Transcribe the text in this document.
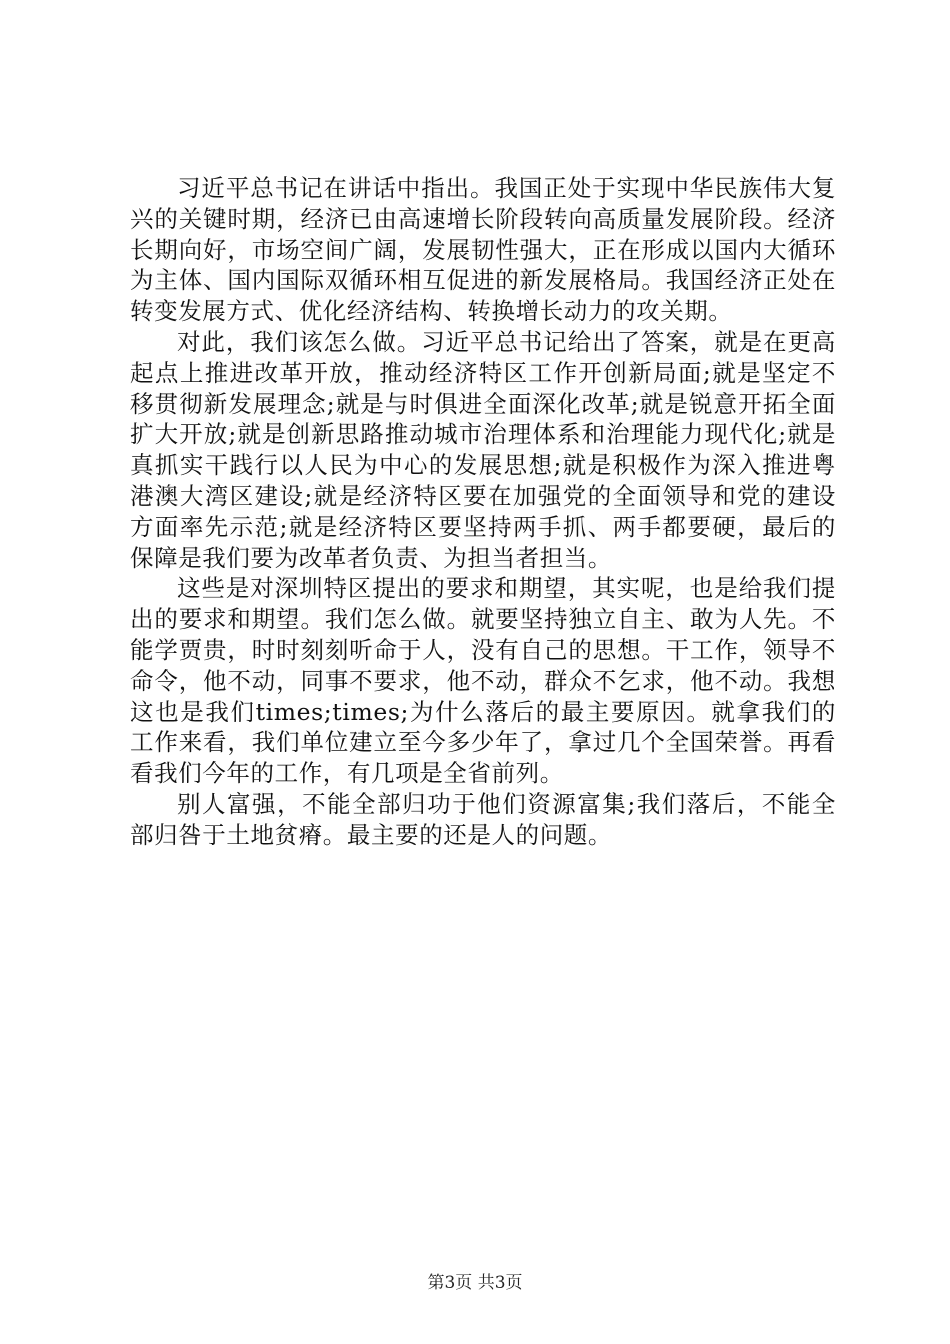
习近平总书记在讲话中指出。我国正处于实现中华民族伟大复兴的关键时期，经济已由高速增长阶段转向高质量发展阶段。经济长期向好，市场空间广阔，发展韧性强大，正在形成以国内大循环为主体、国内国际双循环相互促进的新发展格局。我国经济正处在转变发展方式、优化经济结构、转换增长动力的攻关期。

对此，我们该怎么做。习近平总书记给出了答案，就是在更高起点上推进改革开放，推动经济特区工作开创新局面;就是坚定不移贯彻新发展理念;就是与时俱进全面深化改革;就是锐意开拓全面扩大开放;就是创新思路推动城市治理体系和治理能力现代化;就是真抓实干践行以人民为中心的发展思想;就是积极作为深入推进粤港澳大湾区建设;就是经济特区要在加强党的全面领导和党的建设方面率先示范;就是经济特区要坚持两手抓、两手都要硬，最后的保障是我们要为改革者负责、为担当者担当。

这些是对深圳特区提出的要求和期望，其实呢，也是给我们提出的要求和期望。我们怎么做。就要坚持独立自主、敢为人先。不能学贾贵，时时刻刻听命于人，没有自己的思想。干工作，领导不命令，他不动，同事不要求，他不动，群众不乞求，他不动。我想这也是我们times;times;为什么落后的最主要原因。就拿我们的工作来看，我们单位建立至今多少年了，拿过几个全国荣誉。再看看我们今年的工作，有几项是全省前列。

别人富强，不能全部归功于他们资源富集;我们落后，不能全部归咎于土地贫瘠。最主要的还是人的问题。

第3页 共3页
